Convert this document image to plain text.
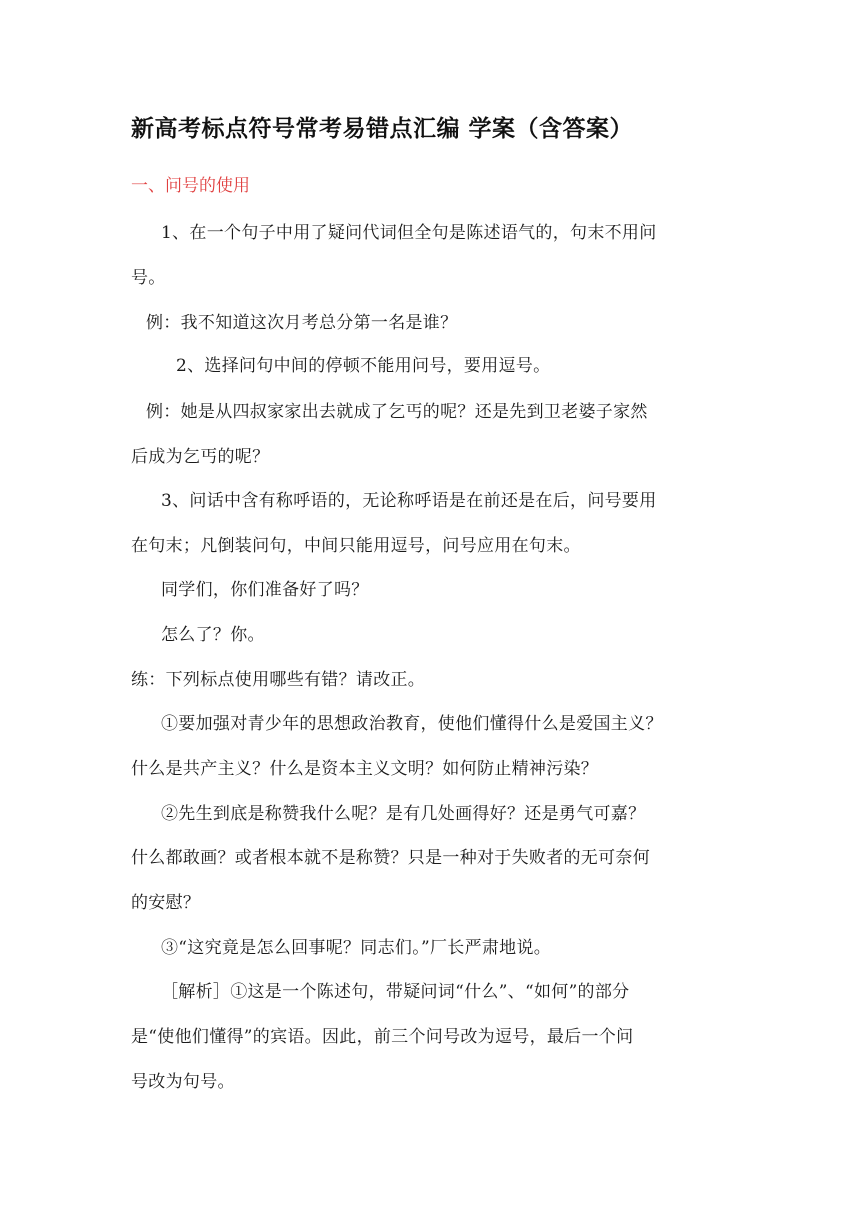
新高考标点符号常考易错点汇编 学案（含答案）
一、问号的使用
1、在一个句子中用了疑问代词但全句是陈述语气的，句末不用问
号。
例：我不知道这次月考总分第一名是谁？
2、选择问句中间的停顿不能用问号，要用逗号。
例：她是从四叔家家出去就成了乞丐的呢？还是先到卫老婆子家然
后成为乞丐的呢？
3、问话中含有称呼语的，无论称呼语是在前还是在后，问号要用
在句末；凡倒装问句，中间只能用逗号，问号应用在句末。
同学们，你们准备好了吗？
怎么了？你。
练：下列标点使用哪些有错？请改正。
①要加强对青少年的思想政治教育，使他们懂得什么是爱国主义？
什么是共产主义？什么是资本主义文明？如何防止精神污染？
②先生到底是称赞我什么呢？是有几处画得好？还是勇气可嘉？
什么都敢画？或者根本就不是称赞？只是一种对于失败者的无可奈何
的安慰？
③“这究竟是怎么回事呢？同志们。”厂长严肃地说。
［解析］①这是一个陈述句，带疑问词“什么”、“如何”的部分
是“使他们懂得”的宾语。因此，前三个问号改为逗号，最后一个问
号改为句号。
